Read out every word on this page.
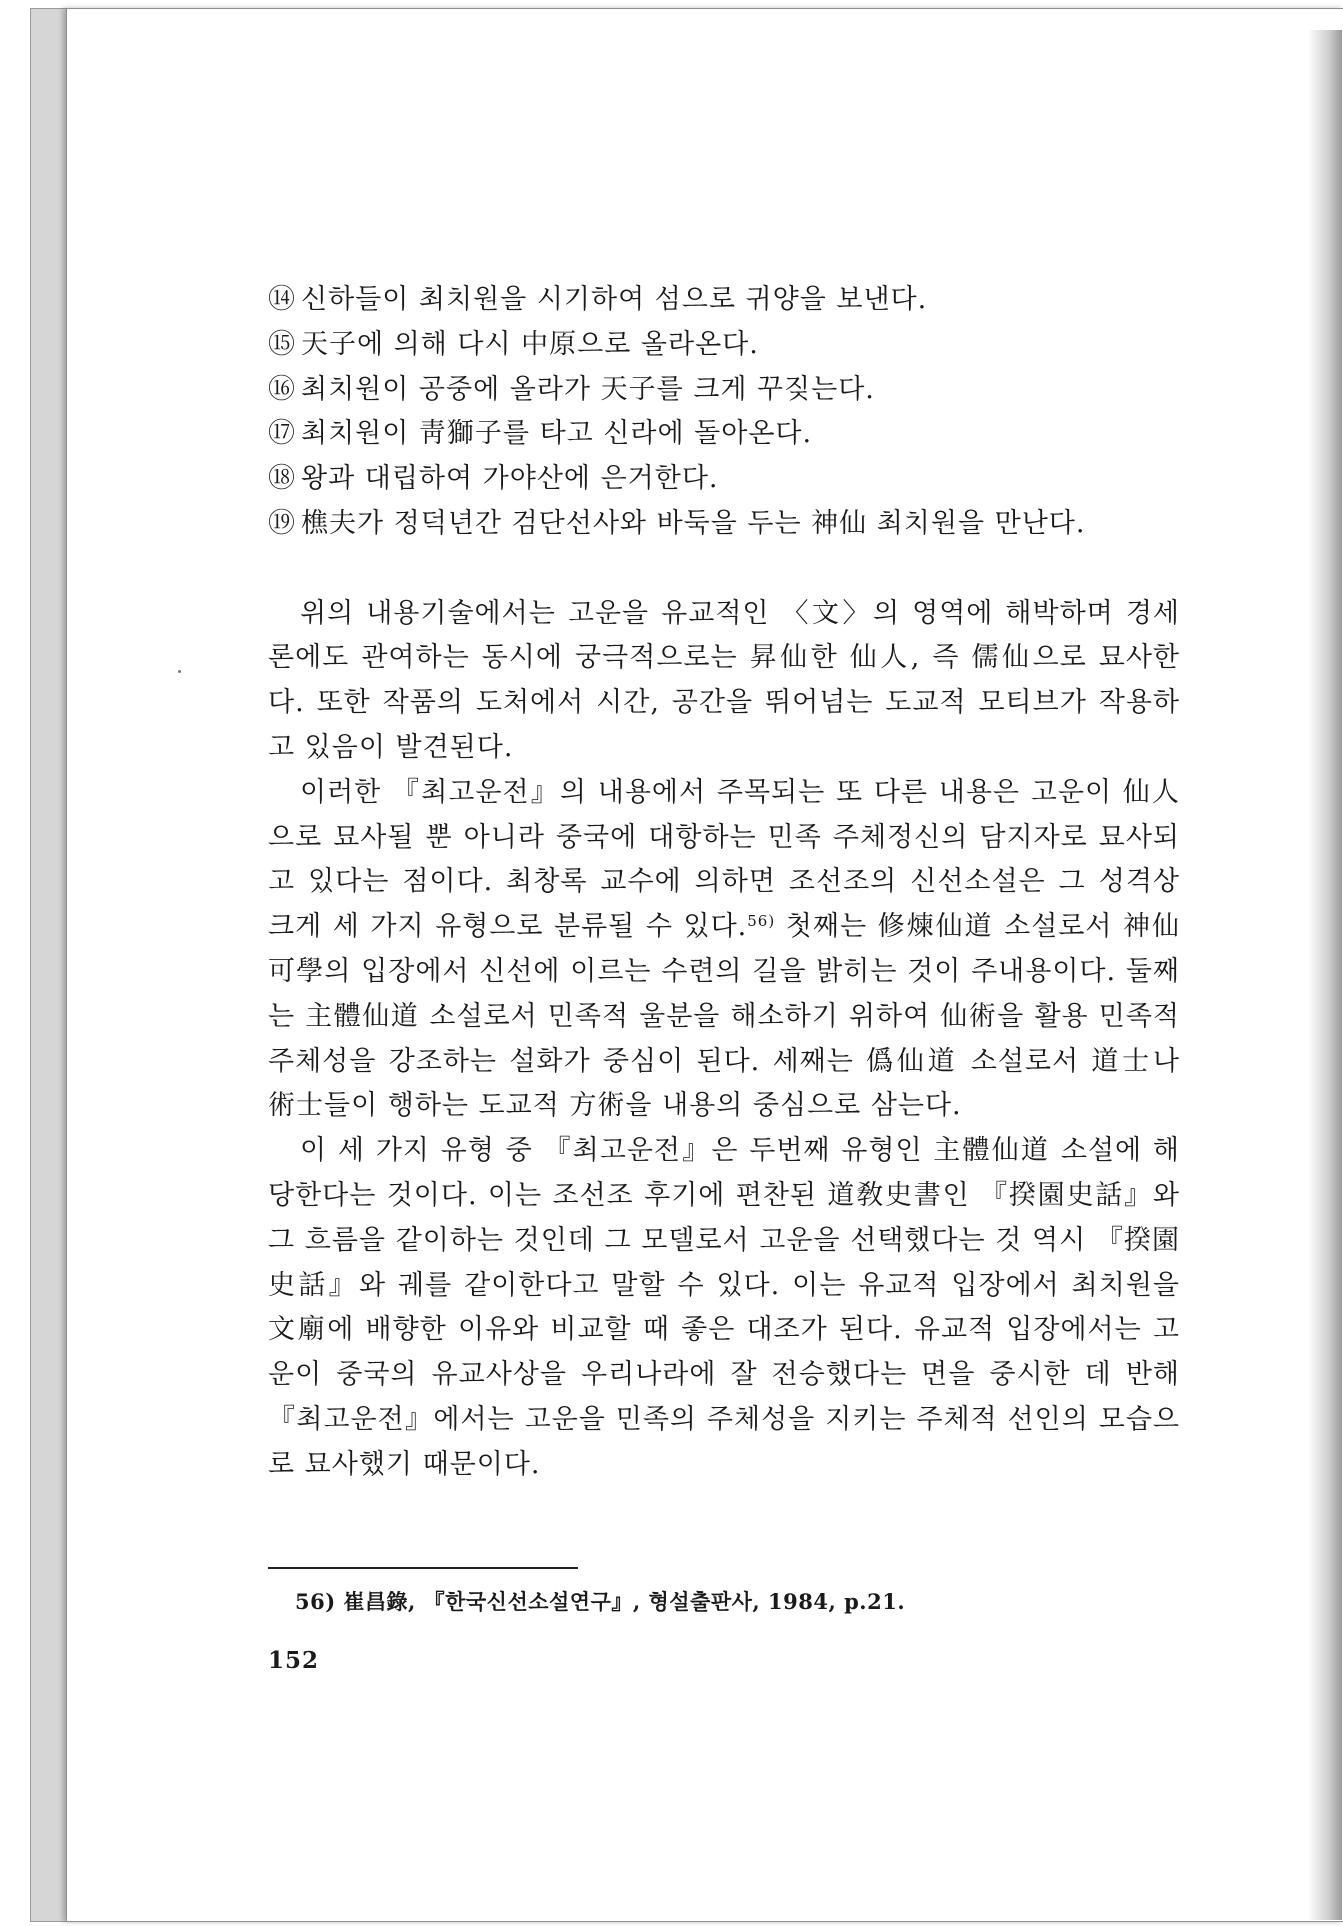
⑭ 신하들이 최치원을 시기하여 섬으로 귀양을 보낸다.
⑮ 天子에 의해 다시 中原으로 올라온다.
⑯ 최치원이 공중에 올라가 天子를 크게 꾸짖는다.
⑰ 최치원이 靑獅子를 타고 신라에 돌아온다.
⑱ 왕과 대립하여 가야산에 은거한다.
⑲ 樵夫가 정덕년간 검단선사와 바둑을 두는 神仙 최치원을 만난다.

위의 내용기술에서는 고운을 유교적인 〈文〉의 영역에 해박하며 경세론에도 관여하는 동시에 궁극적으로는 昇仙한 仙人, 즉 儒仙으로 묘사한다. 또한 작품의 도처에서 시간, 공간을 뛰어넘는 도교적 모티브가 작용하고 있음이 발견된다.

이러한 『최고운전』의 내용에서 주목되는 또 다른 내용은 고운이 仙人으로 묘사될 뿐 아니라 중국에 대항하는 민족 주체정신의 담지자로 묘사되고 있다는 점이다. 최창록 교수에 의하면 조선조의 신선소설은 그 성격상 크게 세 가지 유형으로 분류될 수 있다.$^{56)}$ 첫째는 修煉仙道 소설로서 神仙可學의 입장에서 신선에 이르는 수련의 길을 밝히는 것이 주내용이다. 둘째는 主體仙道 소설로서 민족적 울분을 해소하기 위하여 仙術을 활용 민족적 주체성을 강조하는 설화가 중심이 된다. 세째는 僞仙道 소설로서 道士나 術士들이 행하는 도교적 方術을 내용의 중심으로 삼는다.

이 세 가지 유형 중 『최고운전』은 두번째 유형인 主體仙道 소설에 해당한다는 것이다. 이는 조선조 후기에 편찬된 道敎史書인 『揆園史話』와 그 흐름을 같이하는 것인데 그 모델로서 고운을 선택했다는 것 역시 『揆園史話』와 궤를 같이한다고 말할 수 있다. 이는 유교적 입장에서 최치원을 文廟에 배향한 이유와 비교할 때 좋은 대조가 된다. 유교적 입장에서는 고운이 중국의 유교사상을 우리나라에 잘 전승했다는 면을 중시한 데 반해 『최고운전』에서는 고운을 민족의 주체성을 지키는 주체적 선인의 모습으로 묘사했기 때문이다.

56) 崔昌錄, 『한국신선소설연구』, 형설출판사, 1984, p.21.
152
